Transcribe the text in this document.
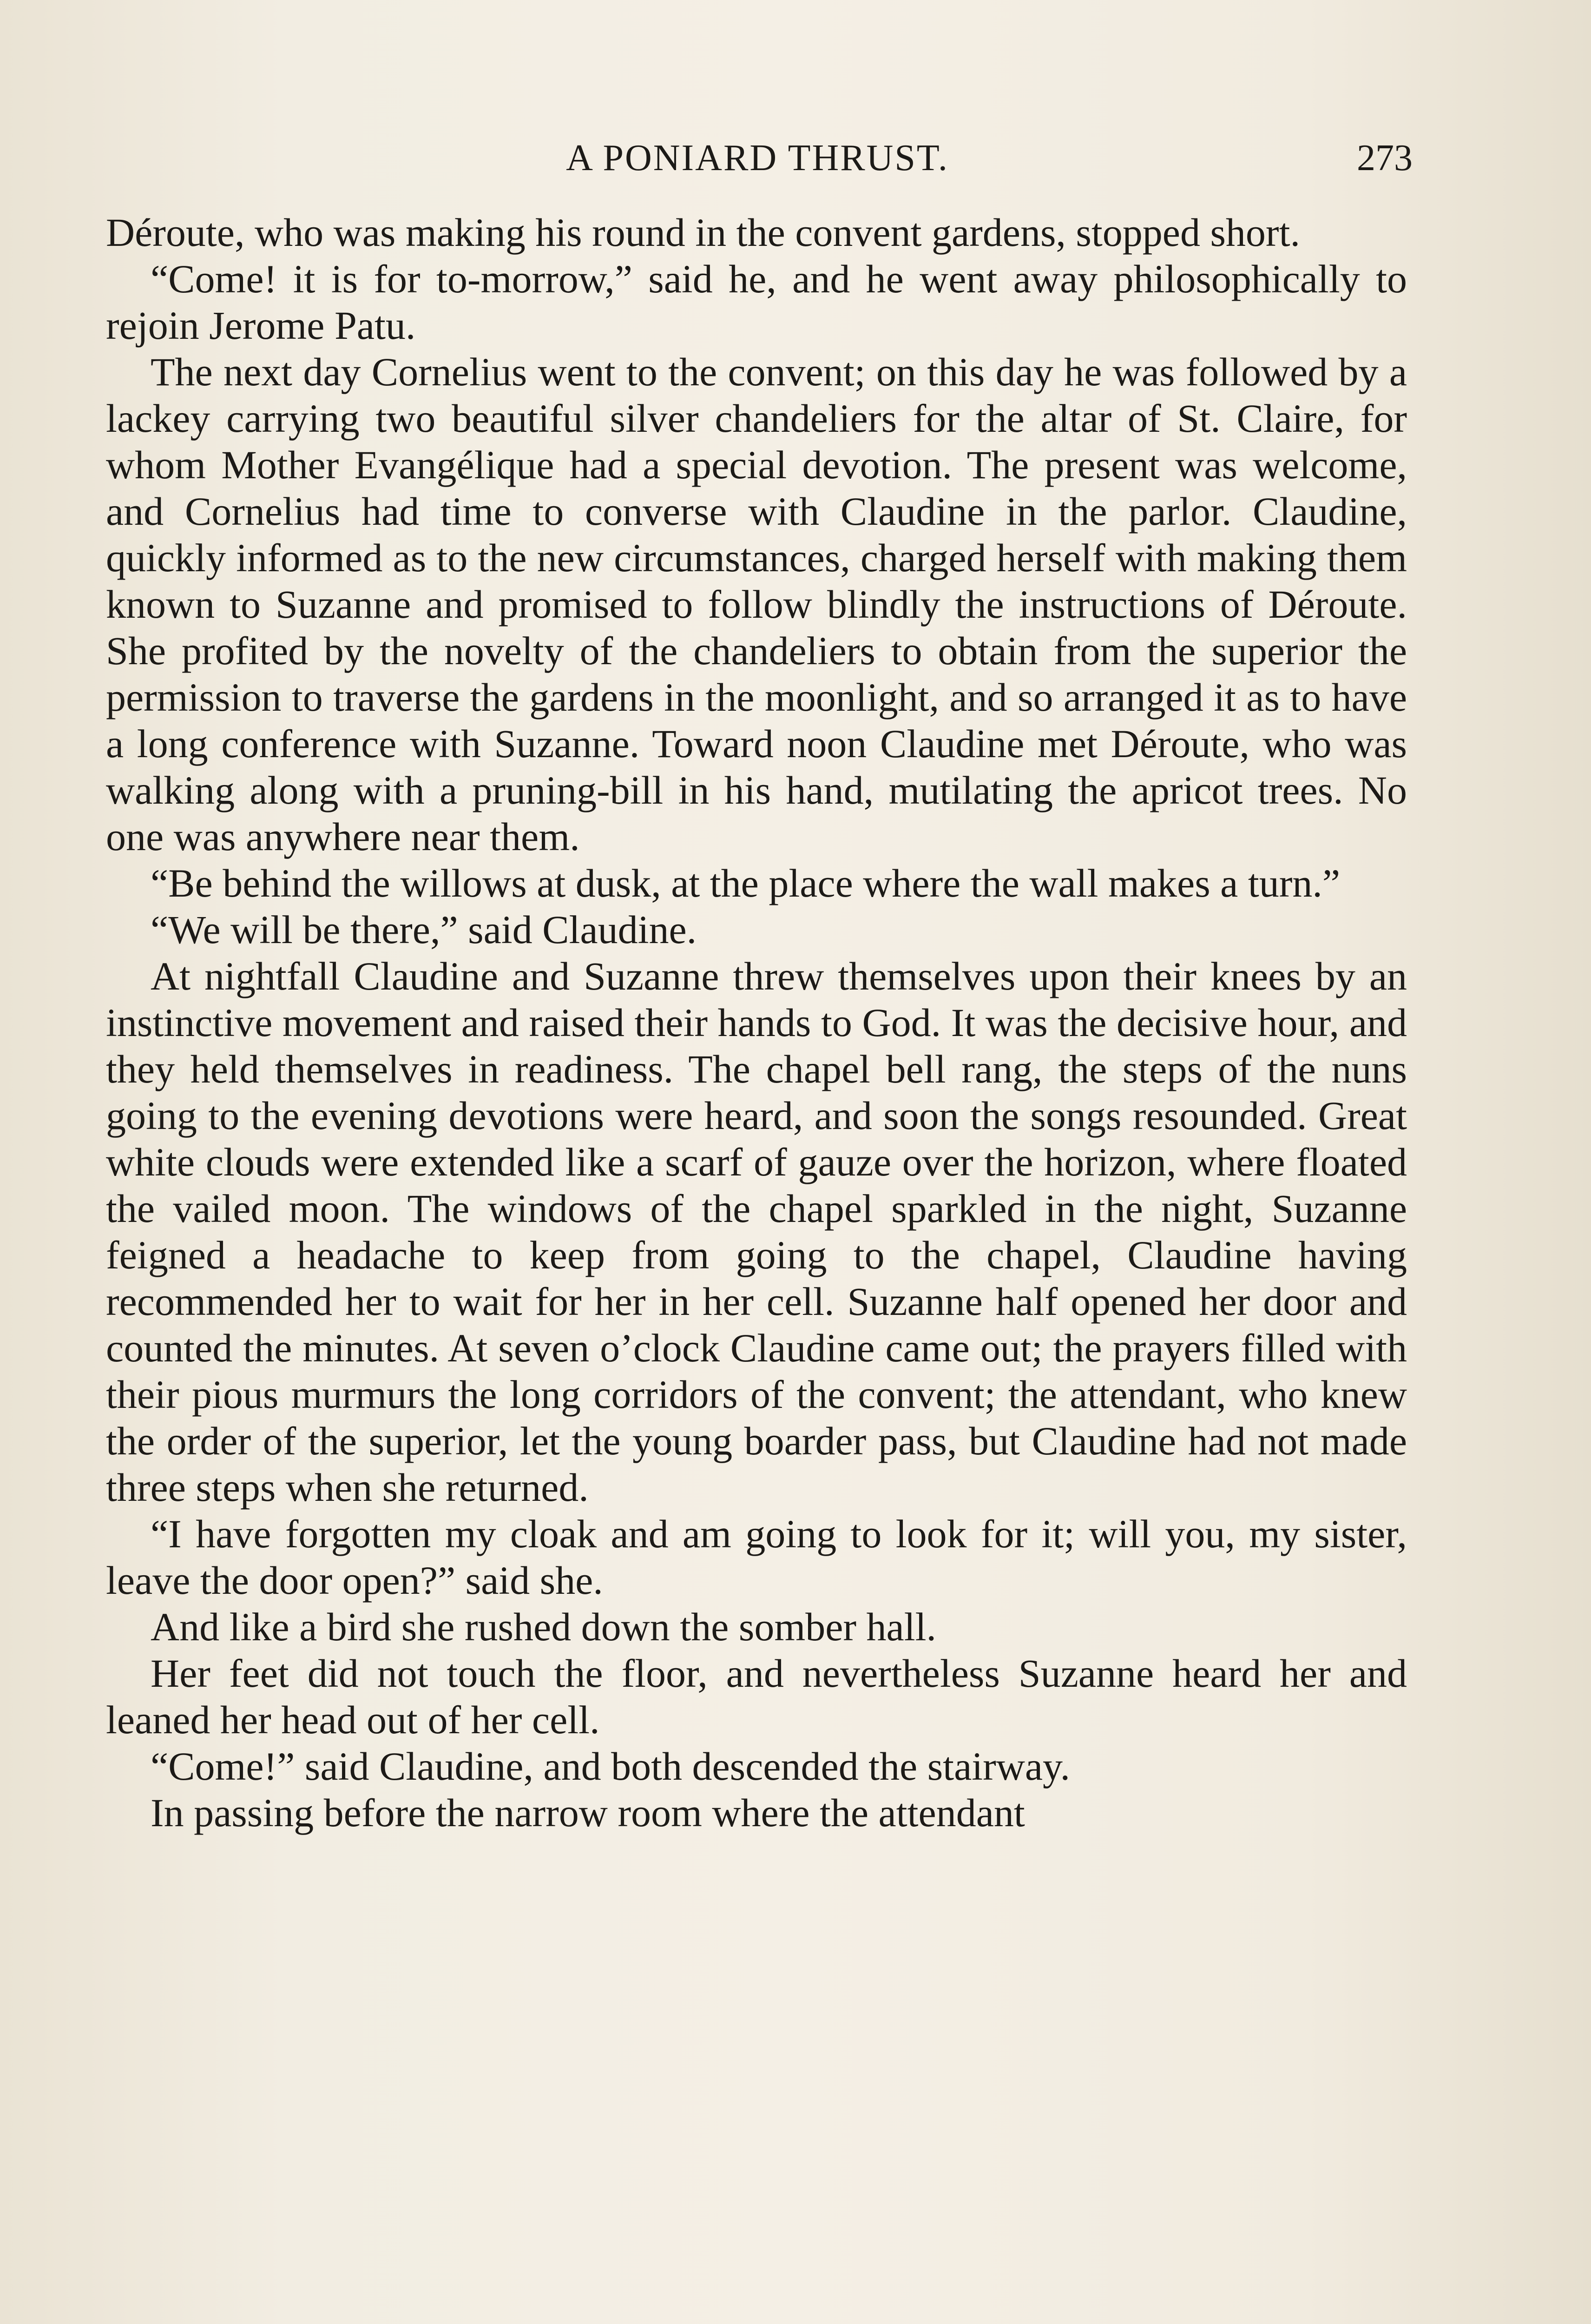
A PONIARD THRUST.	273

Déroute, who was making his round in the convent gardens, stopped short.

“Come! it is for to-morrow,” said he, and he went away philosophically to rejoin Jerome Patu.

The next day Cornelius went to the convent; on this day he was followed by a lackey carrying two beautiful silver chandeliers for the altar of St. Claire, for whom Mother Evangélique had a special devotion. The present was welcome, and Cornelius had time to converse with Claudine in the parlor. Claudine, quickly informed as to the new circumstances, charged herself with making them known to Suzanne and promised to follow blindly the instructions of Déroute. She profited by the novelty of the chandeliers to obtain from the superior the permission to traverse the gardens in the moonlight, and so arranged it as to have a long conference with Suzanne. Toward noon Claudine met Déroute, who was walking along with a pruning-bill in his hand, mutilating the apricot trees. No one was anywhere near them.

“Be behind the willows at dusk, at the place where the wall makes a turn.”

“We will be there,” said Claudine.

At nightfall Claudine and Suzanne threw themselves upon their knees by an instinctive movement and raised their hands to God. It was the decisive hour, and they held themselves in readiness. The chapel bell rang, the steps of the nuns going to the evening devotions were heard, and soon the songs resounded. Great white clouds were extended like a scarf of gauze over the horizon, where floated the vailed moon. The windows of the chapel sparkled in the night, Suzanne feigned a headache to keep from going to the chapel, Claudine having recommended her to wait for her in her cell. Suzanne half opened her door and counted the minutes. At seven o’clock Claudine came out; the prayers filled with their pious murmurs the long corridors of the convent; the attendant, who knew the order of the superior, let the young boarder pass, but Claudine had not made three steps when she returned.

“I have forgotten my cloak and am going to look for it; will you, my sister, leave the door open?” said she.

And like a bird she rushed down the somber hall.

Her feet did not touch the floor, and nevertheless Suzanne heard her and leaned her head out of her cell.

“Come!” said Claudine, and both descended the stairway.

In passing before the narrow room where the attendant
